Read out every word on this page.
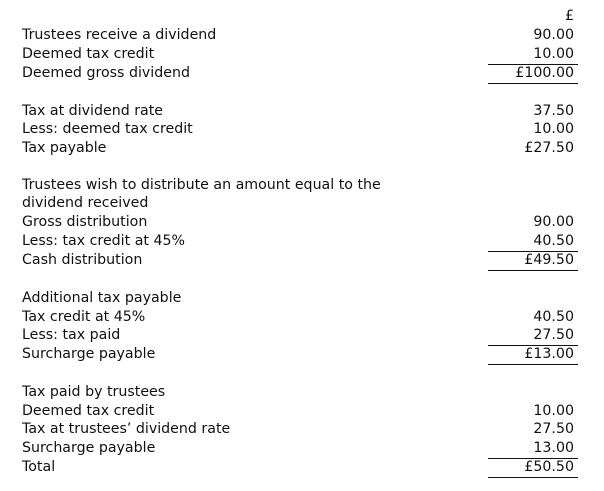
£
Trustees receive a dividend	90.00
Deemed tax credit	10.00
Deemed gross dividend	£100.00
Tax at dividend rate	37.50
Less: deemed tax credit	10.00
Tax payable	£27.50
Trustees wish to distribute an amount equal to the
dividend received
Gross distribution	90.00
Less: tax credit at 45%	40.50
Cash distribution	£49.50
Additional tax payable
Tax credit at 45%	40.50
Less: tax paid	27.50
Surcharge payable	£13.00
Tax paid by trustees
Deemed tax credit	10.00
Tax at trustees’ dividend rate	27.50
Surcharge payable	13.00
Total	£50.50
